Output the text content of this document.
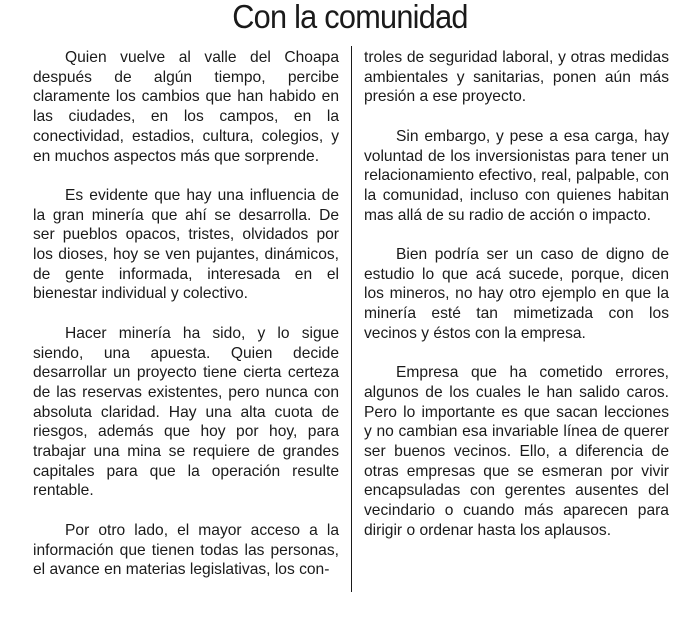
Con la comunidad

Quien vuelve al valle del Choapa después de algún tiempo, percibe claramente los cambios que han habido en las ciudades, en los campos, en la conectividad, estadios, cultura, colegios, y en muchos aspectos más que sorprende.

Es evidente que hay una influencia de la gran minería que ahí se desarrolla. De ser pueblos opacos, tristes, olvidados por los dioses, hoy se ven pujantes, dinámicos, de gente informada, interesada en el bienestar individual y colectivo.

Hacer minería ha sido, y lo sigue siendo, una apuesta. Quien decide desarrollar un proyecto tiene cierta certeza de las reservas existentes, pero nunca con absoluta claridad. Hay una alta cuota de riesgos, además que hoy por hoy, para trabajar una mina se requiere de grandes capitales para que la operación resulte rentable.

Por otro lado, el mayor acceso a la información que tienen todas las personas, el avance en materias legislativas, los con-

troles de seguridad laboral, y otras medidas ambientales y sanitarias, ponen aún más presión a ese proyecto.

Sin embargo, y pese a esa carga, hay voluntad de los inversionistas para tener un relacionamiento efectivo, real, palpable, con la comunidad, incluso con quienes habitan mas allá de su radio de acción o impacto.

Bien podría ser un caso de digno de estudio lo que acá sucede, porque, dicen los mineros, no hay otro ejemplo en que la minería esté tan mimetizada con los vecinos y éstos con la empresa.

Empresa que ha cometido errores, algunos de los cuales le han salido caros. Pero lo importante es que sacan lecciones y no cambian esa invariable línea de querer ser buenos vecinos. Ello, a diferencia de otras empresas que se esmeran por vivir encapsuladas con gerentes ausentes del vecindario o cuando más aparecen para dirigir o ordenar hasta los aplausos.
